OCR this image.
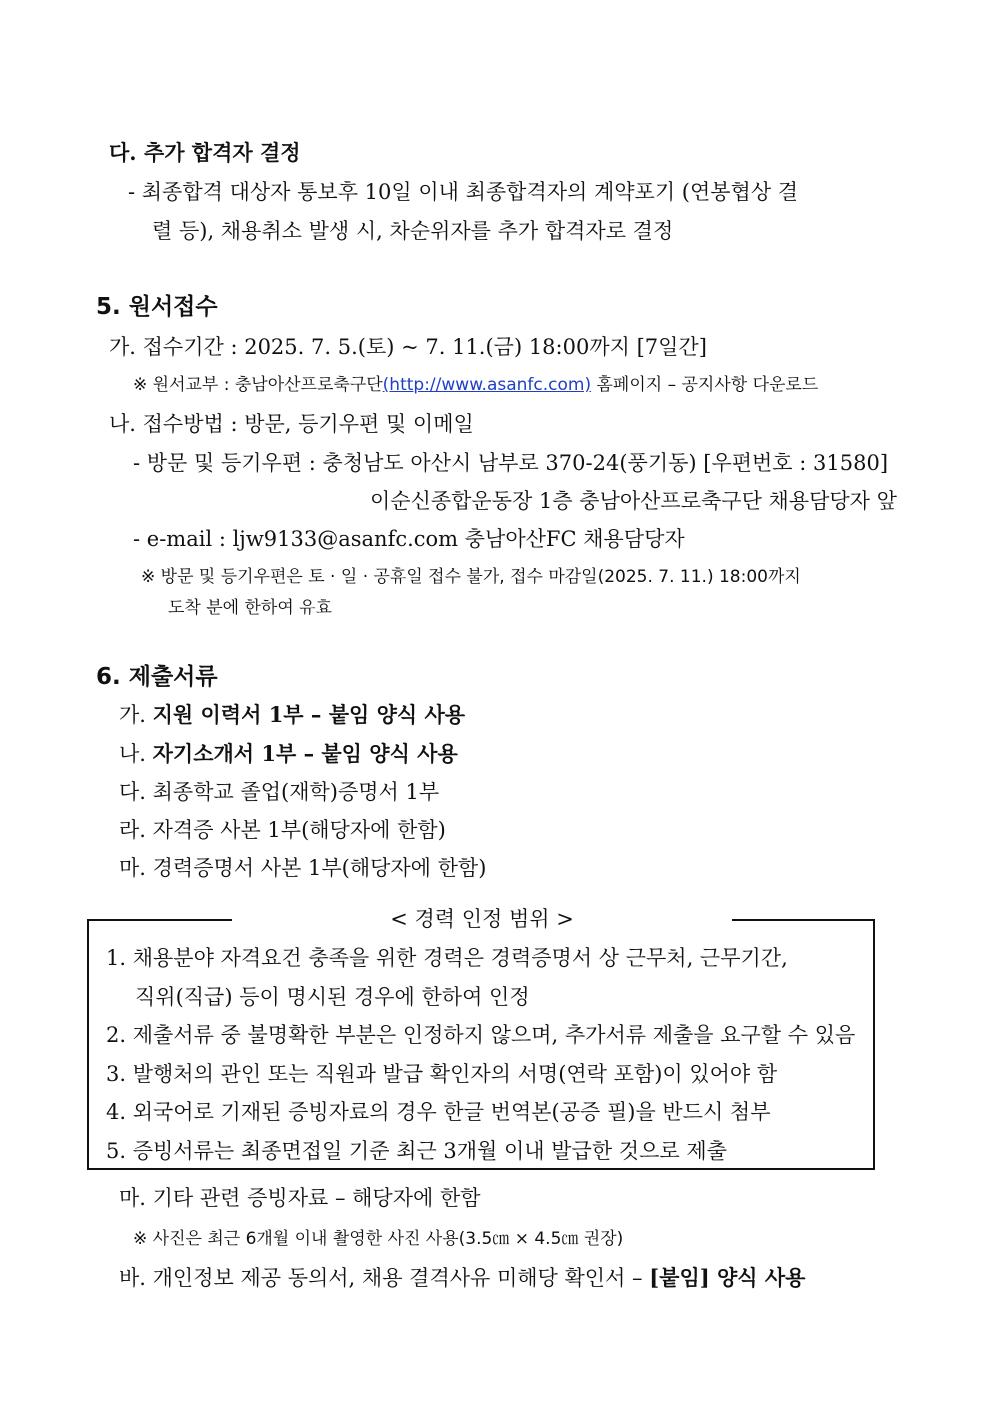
다. 추가 합격자 결정
- 최종합격 대상자 통보후 10일 이내 최종합격자의 계약포기 (연봉협상 결
렬 등), 채용취소 발생 시, 차순위자를 추가 합격자로 결정
5. 원서접수
가. 접수기간 : 2025. 7. 5.(토) ~ 7. 11.(금) 18:00까지 [7일간]
※ 원서교부 : 충남아산프로축구단(http://www.asanfc.com) 홈페이지 – 공지사항 다운로드
나. 접수방법 : 방문, 등기우편 및 이메일
- 방문 및 등기우편 : 충청남도 아산시 남부로 370-24(풍기동) [우편번호 : 31580]
이순신종합운동장 1층 충남아산프로축구단 채용담당자 앞
- e-mail : ljw9133@asanfc.com 충남아산FC 채용담당자
※ 방문 및 등기우편은 토 · 일 · 공휴일 접수 불가, 접수 마감일(2025. 7. 11.) 18:00까지
도착 분에 한하여 유효
6. 제출서류
가. 지원 이력서 1부 – 붙임 양식 사용
나. 자기소개서 1부 – 붙임 양식 사용
다. 최종학교 졸업(재학)증명서 1부
라. 자격증 사본 1부(해당자에 한함)
마. 경력증명서 사본 1부(해당자에 한함)
< 경력 인정 범위 >
1. 채용분야 자격요건 충족을 위한 경력은 경력증명서 상 근무처, 근무기간,
직위(직급) 등이 명시된 경우에 한하여 인정
2. 제출서류 중 불명확한 부분은 인정하지 않으며, 추가서류 제출을 요구할 수 있음
3. 발행처의 관인 또는 직원과 발급 확인자의 서명(연락 포함)이 있어야 함
4. 외국어로 기재된 증빙자료의 경우 한글 번역본(공증 필)을 반드시 첨부
5. 증빙서류는 최종면접일 기준 최근 3개월 이내 발급한 것으로 제출
마. 기타 관련 증빙자료 – 해당자에 한함
※ 사진은 최근 6개월 이내 촬영한 사진 사용(3.5㎝ × 4.5㎝ 권장)
바. 개인정보 제공 동의서, 채용 결격사유 미해당 확인서 – [붙임] 양식 사용
